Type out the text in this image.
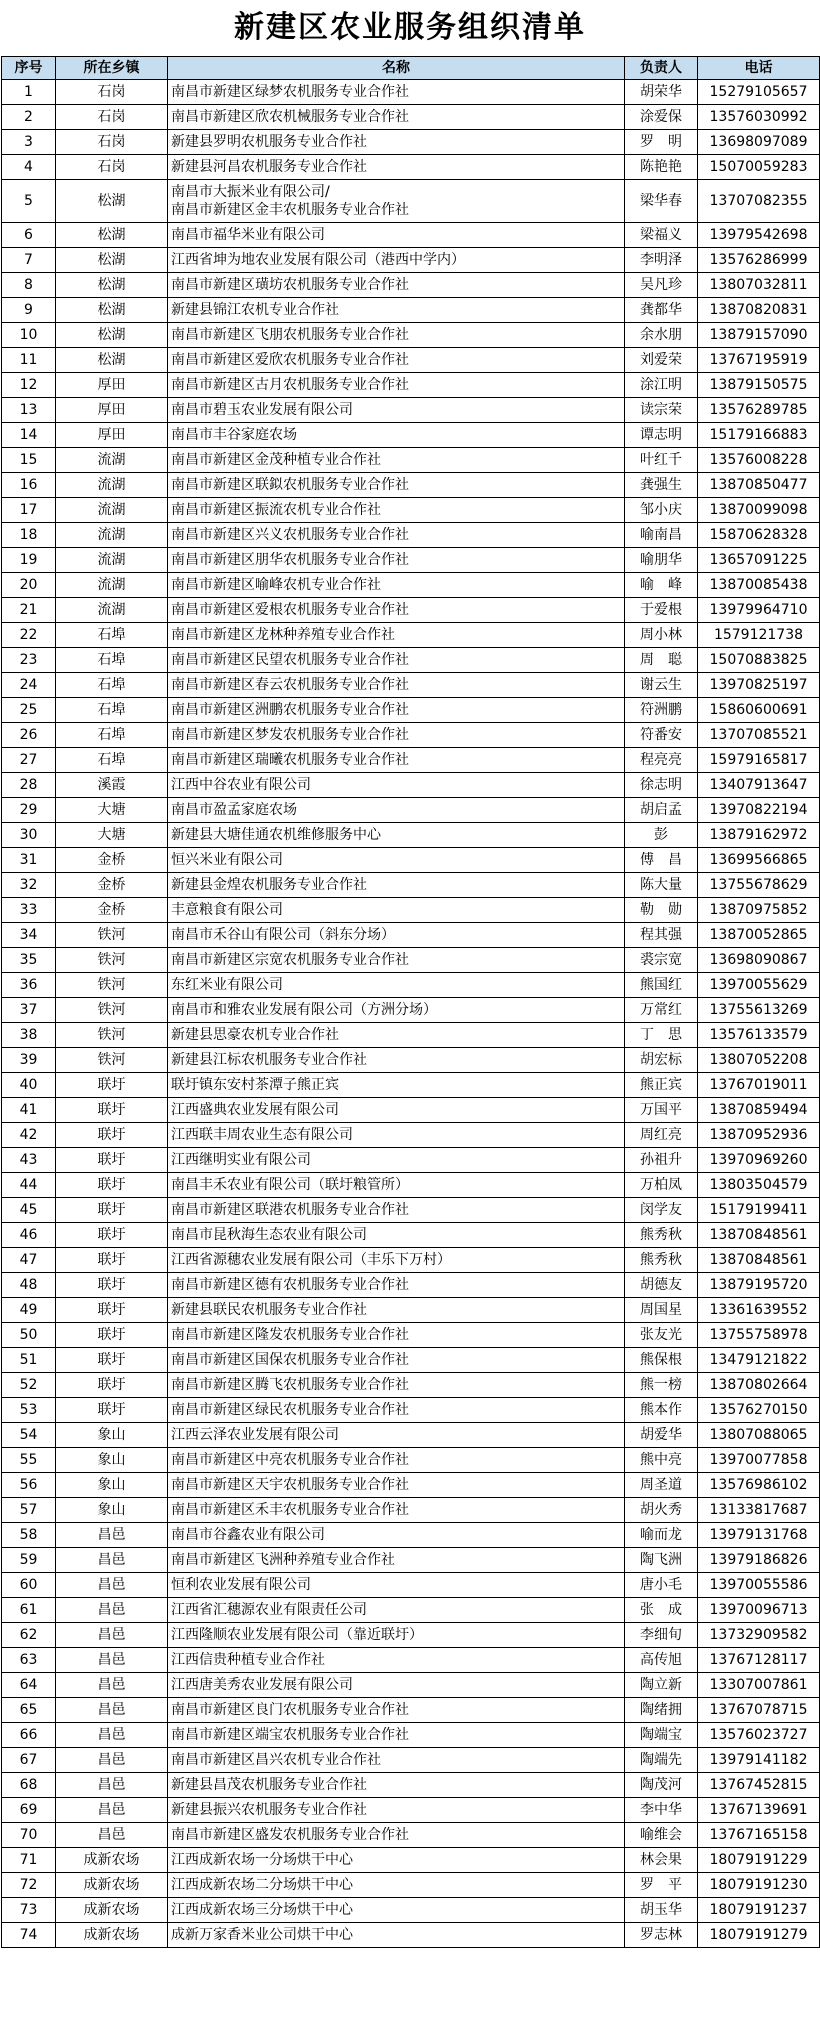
新建区农业服务组织清单
序号	所在乡镇	名称	负责人	电话
1	石岗	南昌市新建区绿梦农机服务专业合作社	胡荣华	15279105657
2	石岗	南昌市新建区欣农机械服务专业合作社	涂爱保	13576030992
3	石岗	新建县罗明农机服务专业合作社	罗　明	13698097089
4	石岗	新建县河昌农机服务专业合作社	陈艳艳	15070059283
5	松湖	南昌市大振米业有限公司/
南昌市新建区金丰农机服务专业合作社	梁华春	13707082355
6	松湖	南昌市福华米业有限公司	梁福义	13979542698
7	松湖	江西省坤为地农业发展有限公司（港西中学内）	李明泽	13576286999
8	松湖	南昌市新建区璜坊农机服务专业合作社	吴凡珍	13807032811
9	松湖	新建县锦江农机专业合作社	龚都华	13870820831
10	松湖	南昌市新建区飞朋农机服务专业合作社	余水朋	13879157090
11	松湖	南昌市新建区爱欣农机服务专业合作社	刘爱荣	13767195919
12	厚田	南昌市新建区古月农机服务专业合作社	涂江明	13879150575
13	厚田	南昌市碧玉农业发展有限公司	读宗荣	13576289785
14	厚田	南昌市丰谷家庭农场	谭志明	15179166883
15	流湖	南昌市新建区金茂种植专业合作社	叶红千	13576008228
16	流湖	南昌市新建区联鉯农机服务专业合作社	龚强生	13870850477
17	流湖	南昌市新建区振流农机专业合作社	邹小庆	13870099098
18	流湖	南昌市新建区兴义农机服务专业合作社	喻南昌	15870628328
19	流湖	南昌市新建区朋华农机服务专业合作社	喻朋华	13657091225
20	流湖	南昌市新建区喻峰农机专业合作社	喻　峰	13870085438
21	流湖	南昌市新建区爱根农机服务专业合作社	于爱根	13979964710
22	石埠	南昌市新建区龙林种养殖专业合作社	周小林	1579121738
23	石埠	南昌市新建区民望农机服务专业合作社	周　聪	15070883825
24	石埠	南昌市新建区春云农机服务专业合作社	谢云生	13970825197
25	石埠	南昌市新建区洲鹏农机服务专业合作社	符洲鹏	15860600691
26	石埠	南昌市新建区梦发农机服务专业合作社	符番安	13707085521
27	石埠	南昌市新建区瑞曦农机服务专业合作社	程亮亮	15979165817
28	溪霞	江西中谷农业有限公司	徐志明	13407913647
29	大塘	南昌市盈孟家庭农场	胡启孟	13970822194
30	大塘	新建县大塘佳通农机维修服务中心	彭	13879162972
31	金桥	恒兴米业有限公司	傅　昌	13699566865
32	金桥	新建县金煌农机服务专业合作社	陈大量	13755678629
33	金桥	丰意粮食有限公司	勒　勋	13870975852
34	铁河	南昌市禾谷山有限公司（斜东分场）	程其强	13870052865
35	铁河	南昌市新建区宗宽农机服务专业合作社	裘宗宽	13698090867
36	铁河	东红米业有限公司	熊国红	13970055629
37	铁河	南昌市和雅农业发展有限公司（方洲分场）	万常红	13755613269
38	铁河	新建县思豪农机专业合作社	丁　思	13576133579
39	铁河	新建县江标农机服务专业合作社	胡宏标	13807052208
40	联圩	联圩镇东安村茶潭子熊正宾	熊正宾	13767019011
41	联圩	江西盛典农业发展有限公司	万国平	13870859494
42	联圩	江西联丰周农业生态有限公司	周红亮	13870952936
43	联圩	江西继明实业有限公司	孙祖升	13970969260
44	联圩	南昌丰禾农业有限公司（联圩粮管所）	万柏凤	13803504579
45	联圩	南昌市新建区联港农机服务专业合作社	闵学友	15179199411
46	联圩	南昌市昆秋海生态农业有限公司	熊秀秋	13870848561
47	联圩	江西省源穗农业发展有限公司（丰乐下万村）	熊秀秋	13870848561
48	联圩	南昌市新建区德有农机服务专业合作社	胡德友	13879195720
49	联圩	新建县联民农机服务专业合作社	周国星	13361639552
50	联圩	南昌市新建区隆发农机服务专业合作社	张友光	13755758978
51	联圩	南昌市新建区国保农机服务专业合作社	熊保根	13479121822
52	联圩	南昌市新建区腾飞农机服务专业合作社	熊一榜	13870802664
53	联圩	南昌市新建区绿民农机服务专业合作社	熊本作	13576270150
54	象山	江西云泽农业发展有限公司	胡爱华	13807088065
55	象山	南昌市新建区中亮农机服务专业合作社	熊中亮	13970077858
56	象山	南昌市新建区天宇农机服务专业合作社	周圣道	13576986102
57	象山	南昌市新建区禾丰农机服务专业合作社	胡火秀	13133817687
58	昌邑	南昌市谷鑫农业有限公司	喻而龙	13979131768
59	昌邑	南昌市新建区飞洲种养殖专业合作社	陶飞洲	13979186826
60	昌邑	恒利农业发展有限公司	唐小毛	13970055586
61	昌邑	江西省汇穗源农业有限责任公司	张　成	13970096713
62	昌邑	江西隆顺农业发展有限公司（靠近联圩）	李细旬	13732909582
63	昌邑	江西信贵种植专业合作社	高传旭	13767128117
64	昌邑	江西唐美秀农业发展有限公司	陶立新	13307007861
65	昌邑	南昌市新建区良门农机服务专业合作社	陶绪拥	13767078715
66	昌邑	南昌市新建区端宝农机服务专业合作社	陶端宝	13576023727
67	昌邑	南昌市新建区昌兴农机专业合作社	陶端先	13979141182
68	昌邑	新建县昌茂农机服务专业合作社	陶茂河	13767452815
69	昌邑	新建县振兴农机服务专业合作社	李中华	13767139691
70	昌邑	南昌市新建区盛发农机服务专业合作社	喻维会	13767165158
71	成新农场	江西成新农场一分场烘干中心	林会果	18079191229
72	成新农场	江西成新农场二分场烘干中心	罗　平	18079191230
73	成新农场	江西成新农场三分场烘干中心	胡玉华	18079191237
74	成新农场	成新万家香米业公司烘干中心	罗志林	18079191279
